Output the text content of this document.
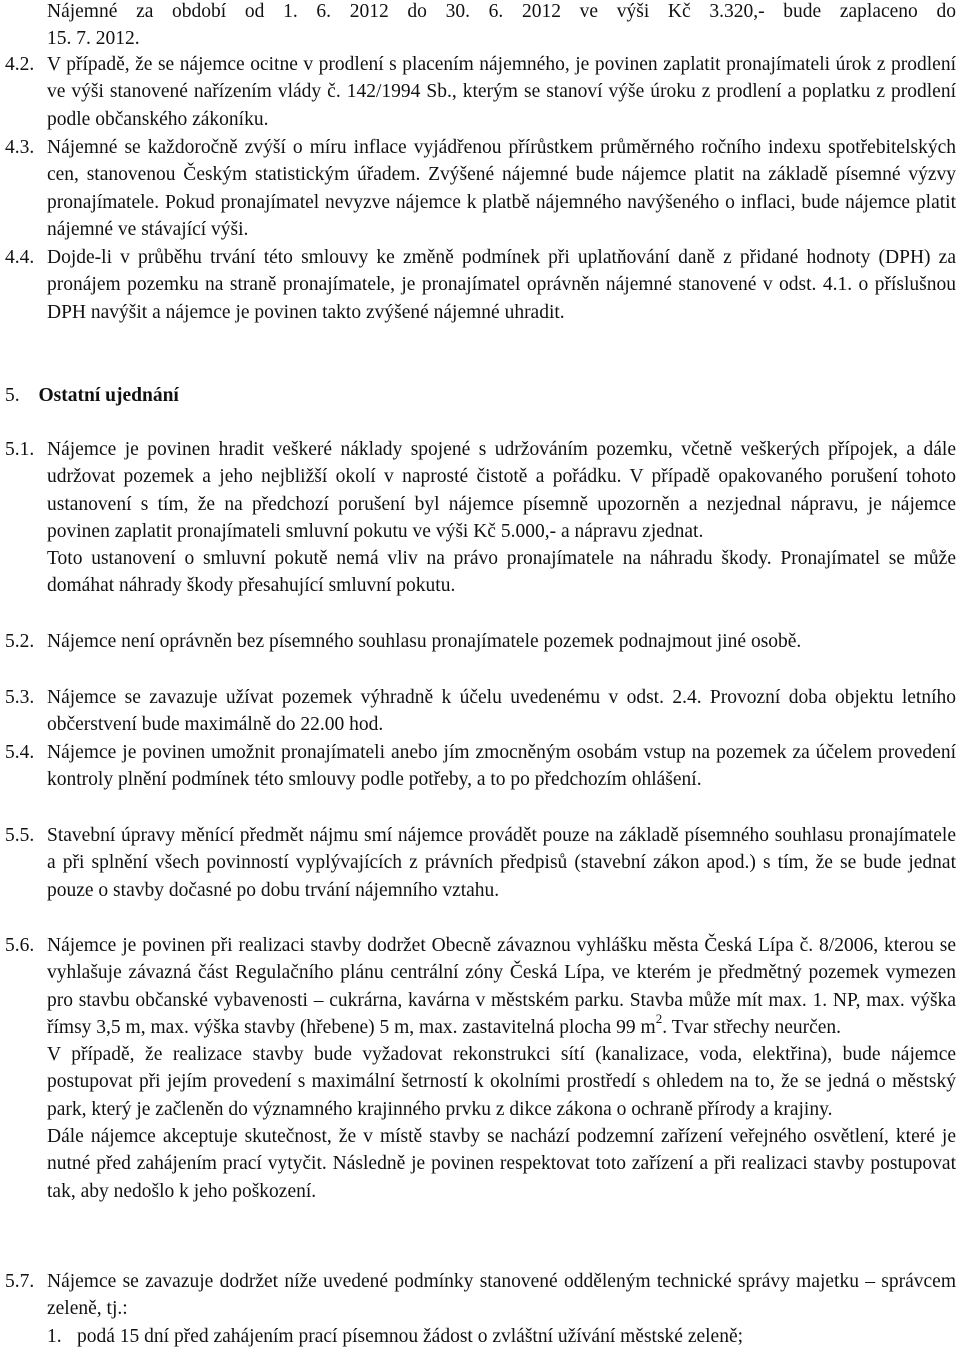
Nájemné za období od 1. 6. 2012 do 30. 6. 2012 ve výši Kč 3.320,- bude zaplaceno do
15. 7. 2012.
4.2. V případě, že se nájemce ocitne v prodlení s placením nájemného, je povinen zaplatit pronajímateli úrok z prodlení ve výši stanovené nařízením vlády č. 142/1994 Sb., kterým se stanoví výše úroku z prodlení a poplatku z prodlení podle občanského zákoníku.
4.3. Nájemné se každoročně zvýší o míru inflace vyjádřenou přírůstkem průměrného ročního indexu spotřebitelských cen, stanovenou Českým statistickým úřadem. Zvýšené nájemné bude nájemce platit na základě písemné výzvy pronajímatele. Pokud pronajímatel nevyzve nájemce k platbě nájemného navýšeného o inflaci, bude nájemce platit nájemné ve stávající výši.
4.4. Dojde-li v průběhu trvání této smlouvy ke změně podmínek při uplatňování daně z přidané hodnoty (DPH) za pronájem pozemku na straně pronajímatele, je pronajímatel oprávněn nájemné stanovené v odst. 4.1. o příslušnou DPH navýšit a nájemce je povinen takto zvýšené nájemné uhradit.
5. Ostatní ujednání
5.1. Nájemce je povinen hradit veškeré náklady spojené s udržováním pozemku, včetně veškerých přípojek, a dále udržovat pozemek a jeho nejbližší okolí v naprosté čistotě a pořádku. V případě opakovaného porušení tohoto ustanovení s tím, že na předchozí porušení byl nájemce písemně upozorněn a nezjednal nápravu, je nájemce povinen zaplatit pronajímateli smluvní pokutu ve výši Kč 5.000,- a nápravu zjednat.
Toto ustanovení o smluvní pokutě nemá vliv na právo pronajímatele na náhradu škody. Pronajímatel se může domáhat náhrady škody přesahující smluvní pokutu.
5.2. Nájemce není oprávněn bez písemného souhlasu pronajímatele pozemek podnajmout jiné osobě.
5.3. Nájemce se zavazuje užívat pozemek výhradně k účelu uvedenému v odst. 2.4. Provozní doba objektu letního občerstvení bude maximálně do 22.00 hod.
5.4. Nájemce je povinen umožnit pronajímateli anebo jím zmocněným osobám vstup na pozemek za účelem provedení kontroly plnění podmínek této smlouvy podle potřeby, a to po předchozím ohlášení.
5.5. Stavební úpravy měnící předmět nájmu smí nájemce provádět pouze na základě písemného souhlasu pronajímatele a při splnění všech povinností vyplývajících z právních předpisů (stavební zákon apod.) s tím, že se bude jednat pouze o stavby dočasné po dobu trvání nájemního vztahu.
5.6. Nájemce je povinen při realizaci stavby dodržet Obecně závaznou vyhlášku města Česká Lípa č. 8/2006, kterou se vyhlašuje závazná část Regulačního plánu centrální zóny Česká Lípa, ve kterém je předmětný pozemek vymezen pro stavbu občanské vybavenosti – cukrárna, kavárna v městském parku. Stavba může mít max. 1. NP, max. výška římsy 3,5 m, max. výška stavby (hřebene) 5 m, max. zastavitelná plocha 99 $m^2$. Tvar střechy neurčen.
V případě, že realizace stavby bude vyžadovat rekonstrukci sítí (kanalizace, voda, elektřina), bude nájemce postupovat při jejím provedení s maximální šetrností k okolními prostředí s ohledem na to, že se jedná o městský park, který je začleněn do významného krajinného prvku z dikce zákona o ochraně přírody a krajiny.
Dále nájemce akceptuje skutečnost, že v místě stavby se nachází podzemní zařízení veřejného osvětlení, které je nutné před zahájením prací vytyčit. Následně je povinen respektovat toto zařízení a při realizaci stavby postupovat tak, aby nedošlo k jeho poškození.
5.7. Nájemce se zavazuje dodržet níže uvedené podmínky stanovené odděleným technické správy majetku – správcem zeleně, tj.:
1. podá 15 dní před zahájením prací písemnou žádost o zvláštní užívání městské zeleně;
